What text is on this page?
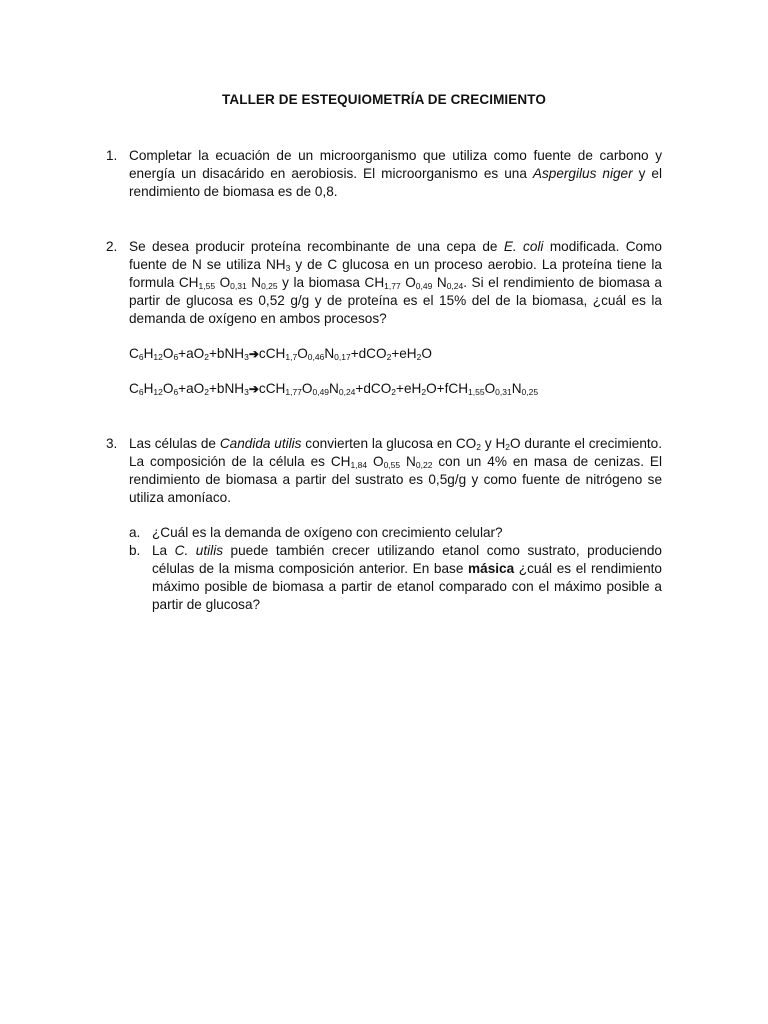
TALLER DE ESTEQUIOMETRÍA DE CRECIMIENTO
1. Completar la ecuación de un microorganismo que utiliza como fuente de carbono y energía un disacárido en aerobiosis. El microorganismo es una Aspergilus niger y el rendimiento de biomasa es de 0,8.
2. Se desea producir proteína recombinante de una cepa de E. coli modificada. Como fuente de N se utiliza $NH_3$ y de C glucosa en un proceso aerobio. La proteína tiene la formula $CH_{1,55}$ $O_{0,31}$ $N_{0,25}$ y la biomasa $CH_{1,77}$ $O_{0,49}$ $N_{0,24}$. Si el rendimiento de biomasa a partir de glucosa es 0,52 g/g y de proteína es el 15% del de la biomasa, ¿cuál es la demanda de oxígeno en ambos procesos?
$C_6H_{12}O_6+aO_2+bNH_3➔cCH_{1,7}O_{0,46}N_{0,17}+dCO_2+eH_2O$
$C_6H_{12}O_6+aO_2+bNH_3➔cCH_{1,77}O_{0,49}N_{0,24}+dCO_2+eH_2O+fCH_{1,55}O_{0,31}N_{0,25}$
3. Las células de Candida utilis convierten la glucosa en $CO_2$ y $H_2O$ durante el crecimiento. La composición de la célula es $CH_{1,84}$ $O_{0,55}$ $N_{0,22}$ con un 4% en masa de cenizas. El rendimiento de biomasa a partir del sustrato es 0,5g/g y como fuente de nitrógeno se utiliza amoníaco.
a. ¿Cuál es la demanda de oxígeno con crecimiento celular?
b. La C. utilis puede también crecer utilizando etanol como sustrato, produciendo células de la misma composición anterior. En base másica ¿cuál es el rendimiento máximo posible de biomasa a partir de etanol comparado con el máximo posible a partir de glucosa?
